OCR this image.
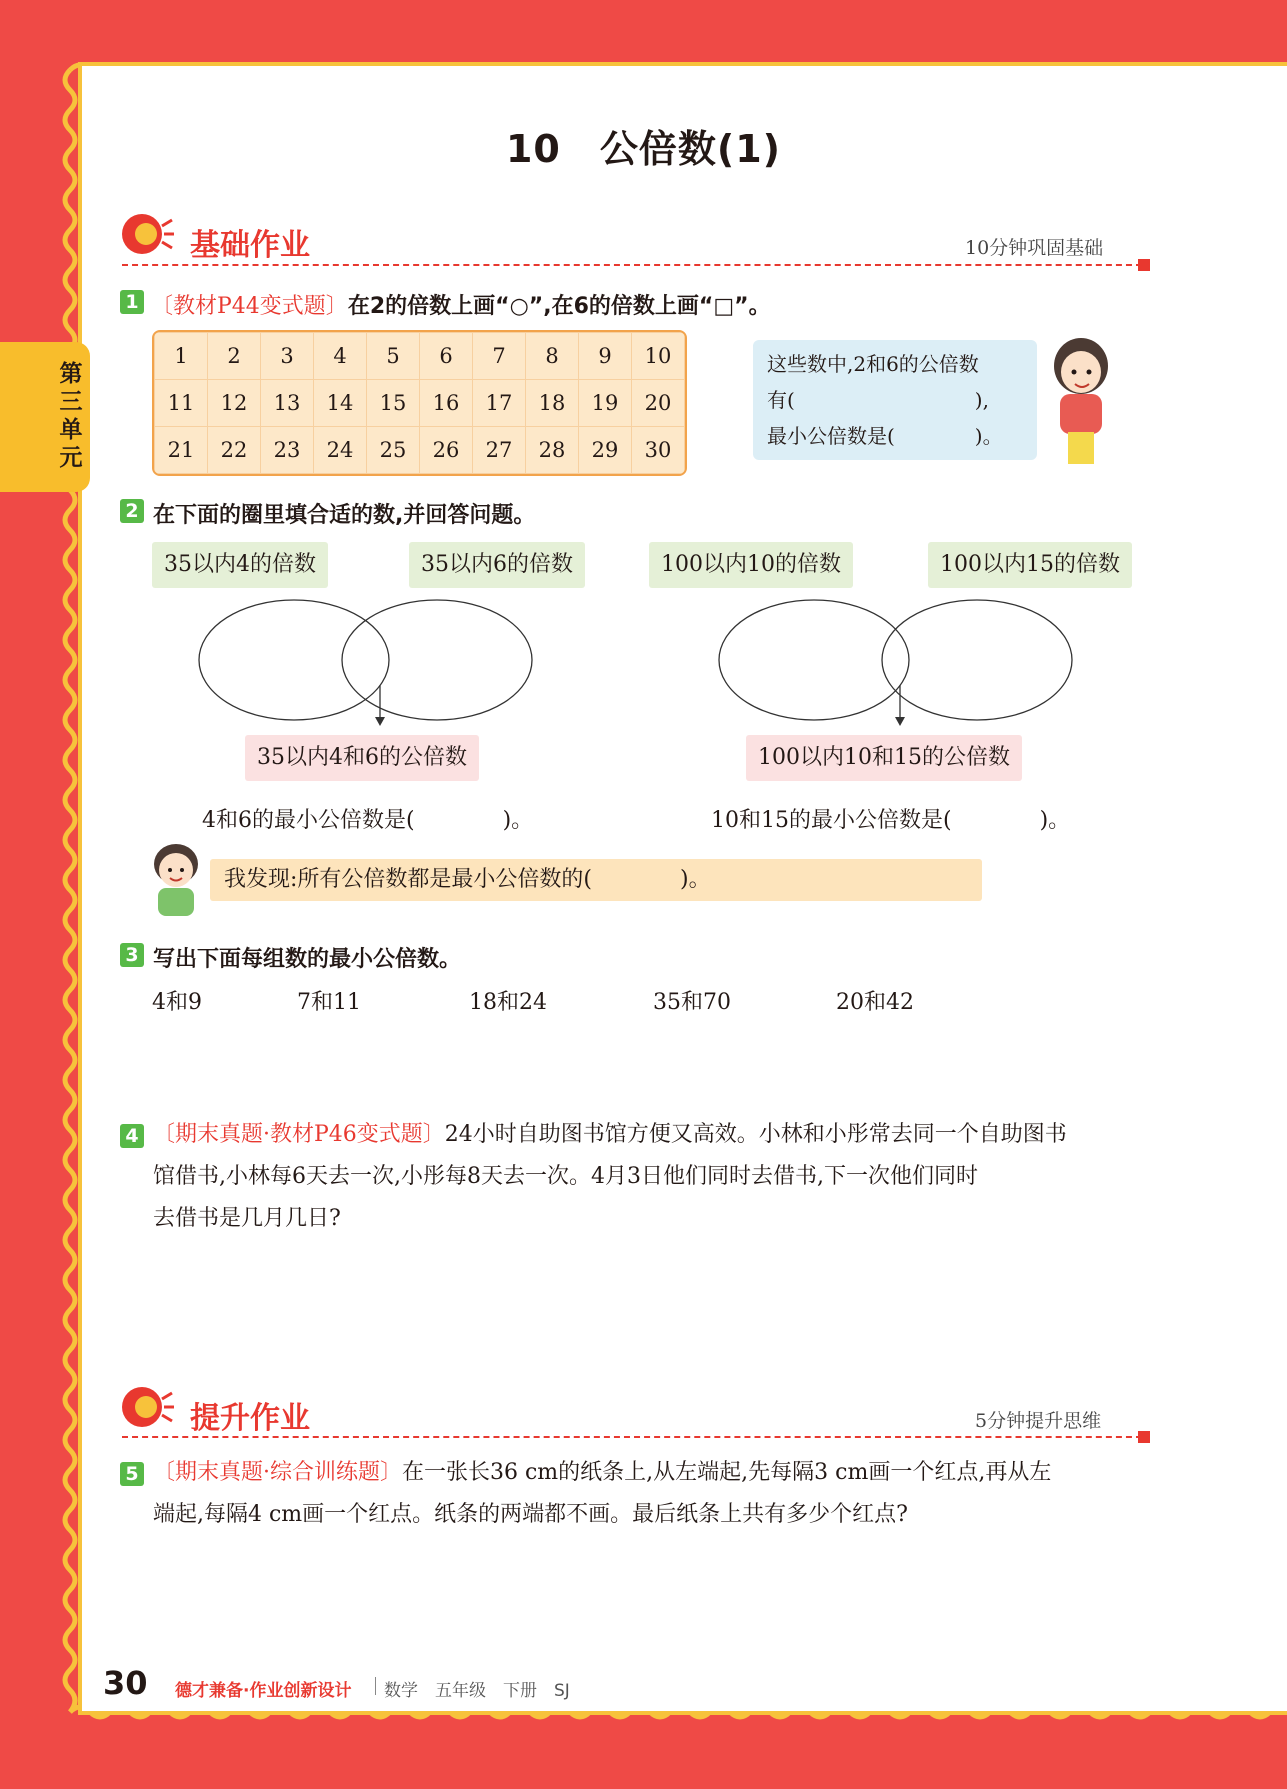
第三单元
10　公倍数(1)
基础作业	10分钟巩固基础
1 〔教材P44变式题〕在2的倍数上画“○”,在6的倍数上画“□”。
1	2	3	4	5	6	7	8	9	10
11	12	13	14	15	16	17	18	19	20
21	22	23	24	25	26	27	28	29	30
这些数中,2和6的公倍数
有(　　　　　　　　　),
最小公倍数是(　　　　)。
2 在下面的圈里填合适的数,并回答问题。
35以内4的倍数	35以内6的倍数	100以内10的倍数	100以内15的倍数
35以内4和6的公倍数	100以内10和15的公倍数
4和6的最小公倍数是(　　　　)。	10和15的最小公倍数是(　　　　)。
我发现:所有公倍数都是最小公倍数的(　　　　)。
3 写出下面每组数的最小公倍数。
4和9	7和11	18和24	35和70	20和42
4 〔期末真题·教材P46变式题〕24小时自助图书馆方便又高效。小林和小彤常去同一个自助图书
馆借书,小林每6天去一次,小彤每8天去一次。4月3日他们同时去借书,下一次他们同时
去借书是几月几日?
提升作业	5分钟提升思维
5 〔期末真题·综合训练题〕在一张长36 cm的纸条上,从左端起,先每隔3 cm画一个红点,再从左
端起,每隔4 cm画一个红点。纸条的两端都不画。最后纸条上共有多少个红点?
30 德才兼备·作业创新设计 数学　五年级　下册　SJ
